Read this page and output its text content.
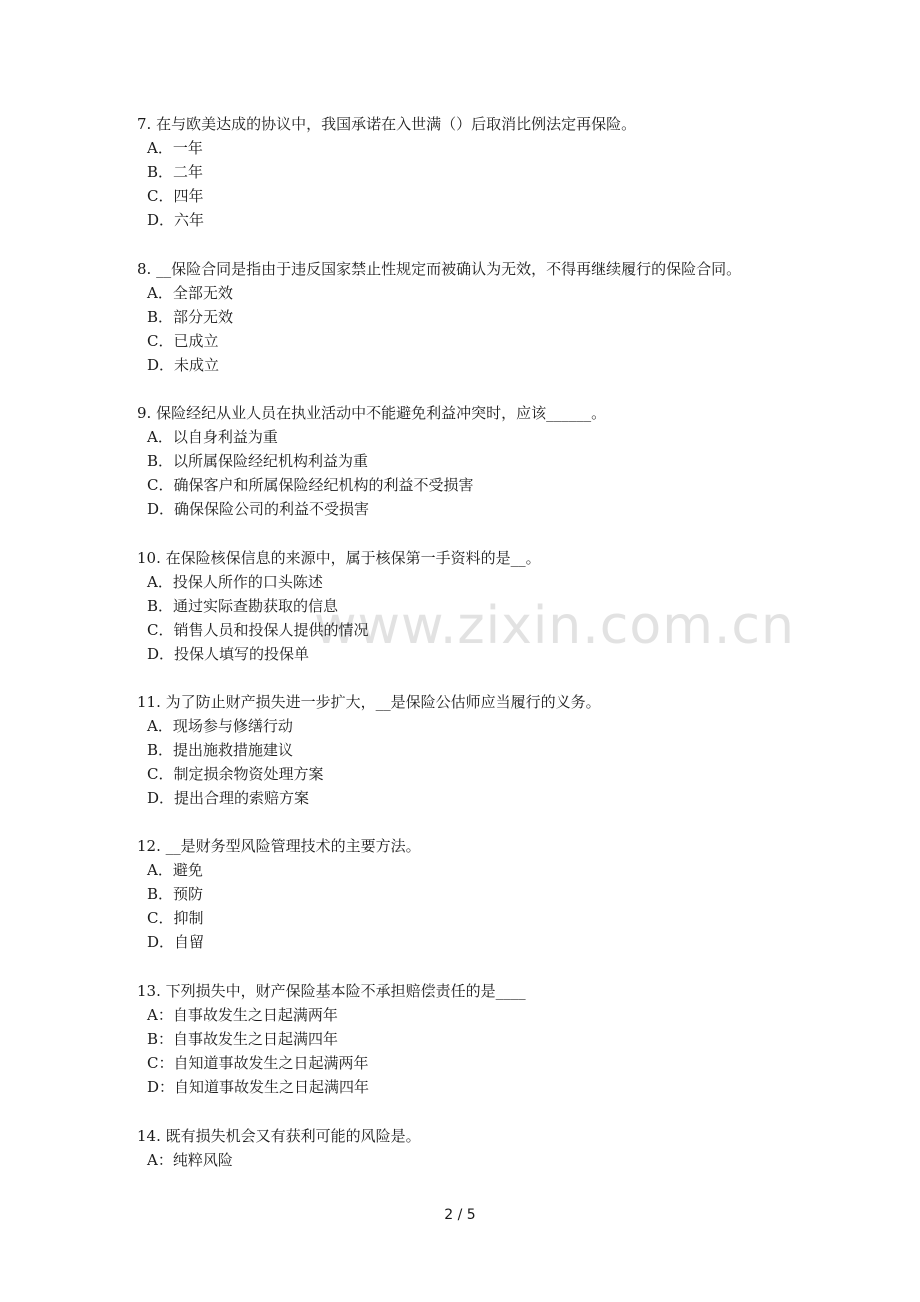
www.zixin.com.cn
7. 在与欧美达成的协议中，我国承诺在入世满（）后取消比例法定再保险。
A．一年
B．二年
C．四年
D．六年
8. __保险合同是指由于违反国家禁止性规定而被确认为无效，不得再继续履行的保险合同。
A．全部无效
B．部分无效
C．已成立
D．未成立
9. 保险经纪从业人员在执业活动中不能避免利益冲突时，应该______。
A．以自身利益为重
B．以所属保险经纪机构利益为重
C．确保客户和所属保险经纪机构的利益不受损害
D．确保保险公司的利益不受损害
10. 在保险核保信息的来源中，属于核保第一手资料的是__。
A．投保人所作的口头陈述
B．通过实际查勘获取的信息
C．销售人员和投保人提供的情况
D．投保人填写的投保单
11. 为了防止财产损失进一步扩大，__是保险公估师应当履行的义务。
A．现场参与修缮行动
B．提出施救措施建议
C．制定损余物资处理方案
D．提出合理的索赔方案
12. __是财务型风险管理技术的主要方法。
A．避免
B．预防
C．抑制
D．自留
13. 下列损失中，财产保险基本险不承担赔偿责任的是____
A：自事故发生之日起满两年
B：自事故发生之日起满四年
C：自知道事故发生之日起满两年
D：自知道事故发生之日起满四年
14. 既有损失机会又有获利可能的风险是。
A：纯粹风险
2 / 5
